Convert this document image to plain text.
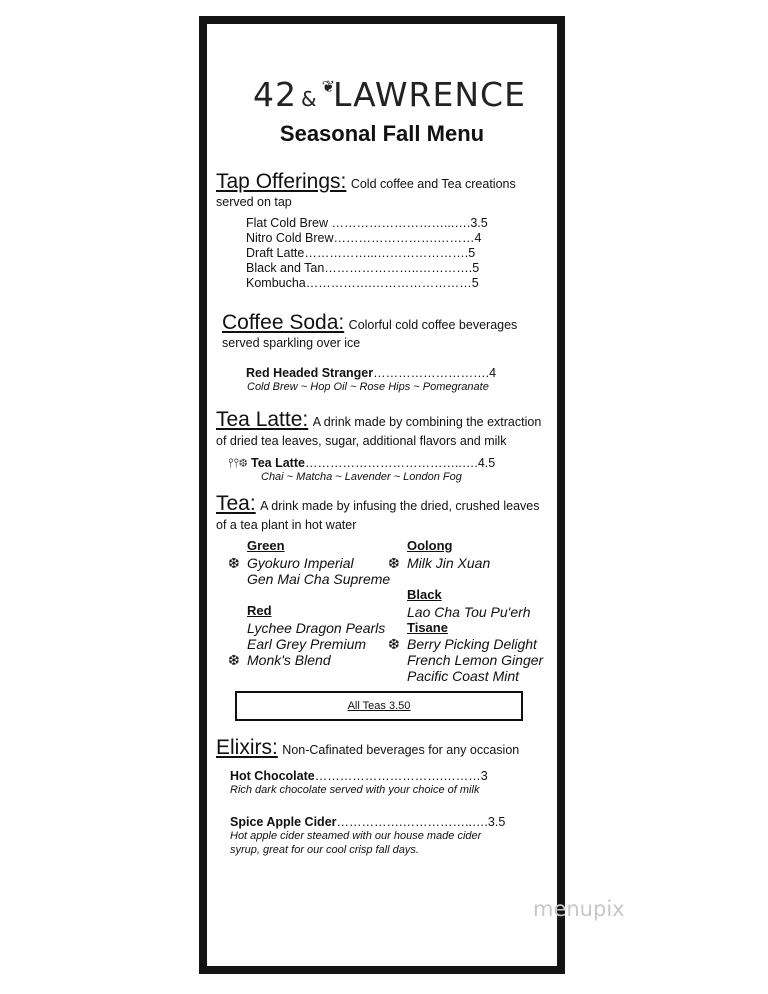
42 &❦LAWRENCE
Seasonal Fall Menu
Tap Offerings: Cold coffee and Tea creations
served on tap
Flat Cold Brew ………………………...….3.5
Nitro Cold Brew…………………….………4
Draft Latte……………...………………….5
Black and Tan…………………..………….5
Kombucha…………….……………………5
Coffee Soda: Colorful cold coffee beverages
served sparkling over ice
Red Headed Stranger……………………….4
Cold Brew ~ Hop Oil ~ Rose Hips ~ Pomegranate
Tea Latte: A drink made by combining the extraction
of dried tea leaves, sugar, additional flavors and milk
⫯⫯❆ Tea Latte………………………………..….4.5
Chai ~ Matcha ~ Lavender ~ London Fog
Tea: A drink made by infusing the dried, crushed leaves
of a tea plant in hot water
Green
❆ Gyokuro Imperial
Gen Mai Cha Supreme
Red
Lychee Dragon Pearls
Earl Grey Premium
❆ Monk's Blend
Oolong
❆ Milk Jin Xuan
Black
Lao Cha Tou Pu'erh
Tisane
❆ Berry Picking Delight
French Lemon Ginger
Pacific Coast Mint
All Teas 3.50
Elixirs: Non-Cafinated beverages for any occasion
Hot Chocolate………………………….………3
Rich dark chocolate served with your choice of milk
Spice Apple Cider…………….……………..….3.5
Hot apple cider steamed with our house made cider
syrup, great for our cool crisp fall days.
menupix
